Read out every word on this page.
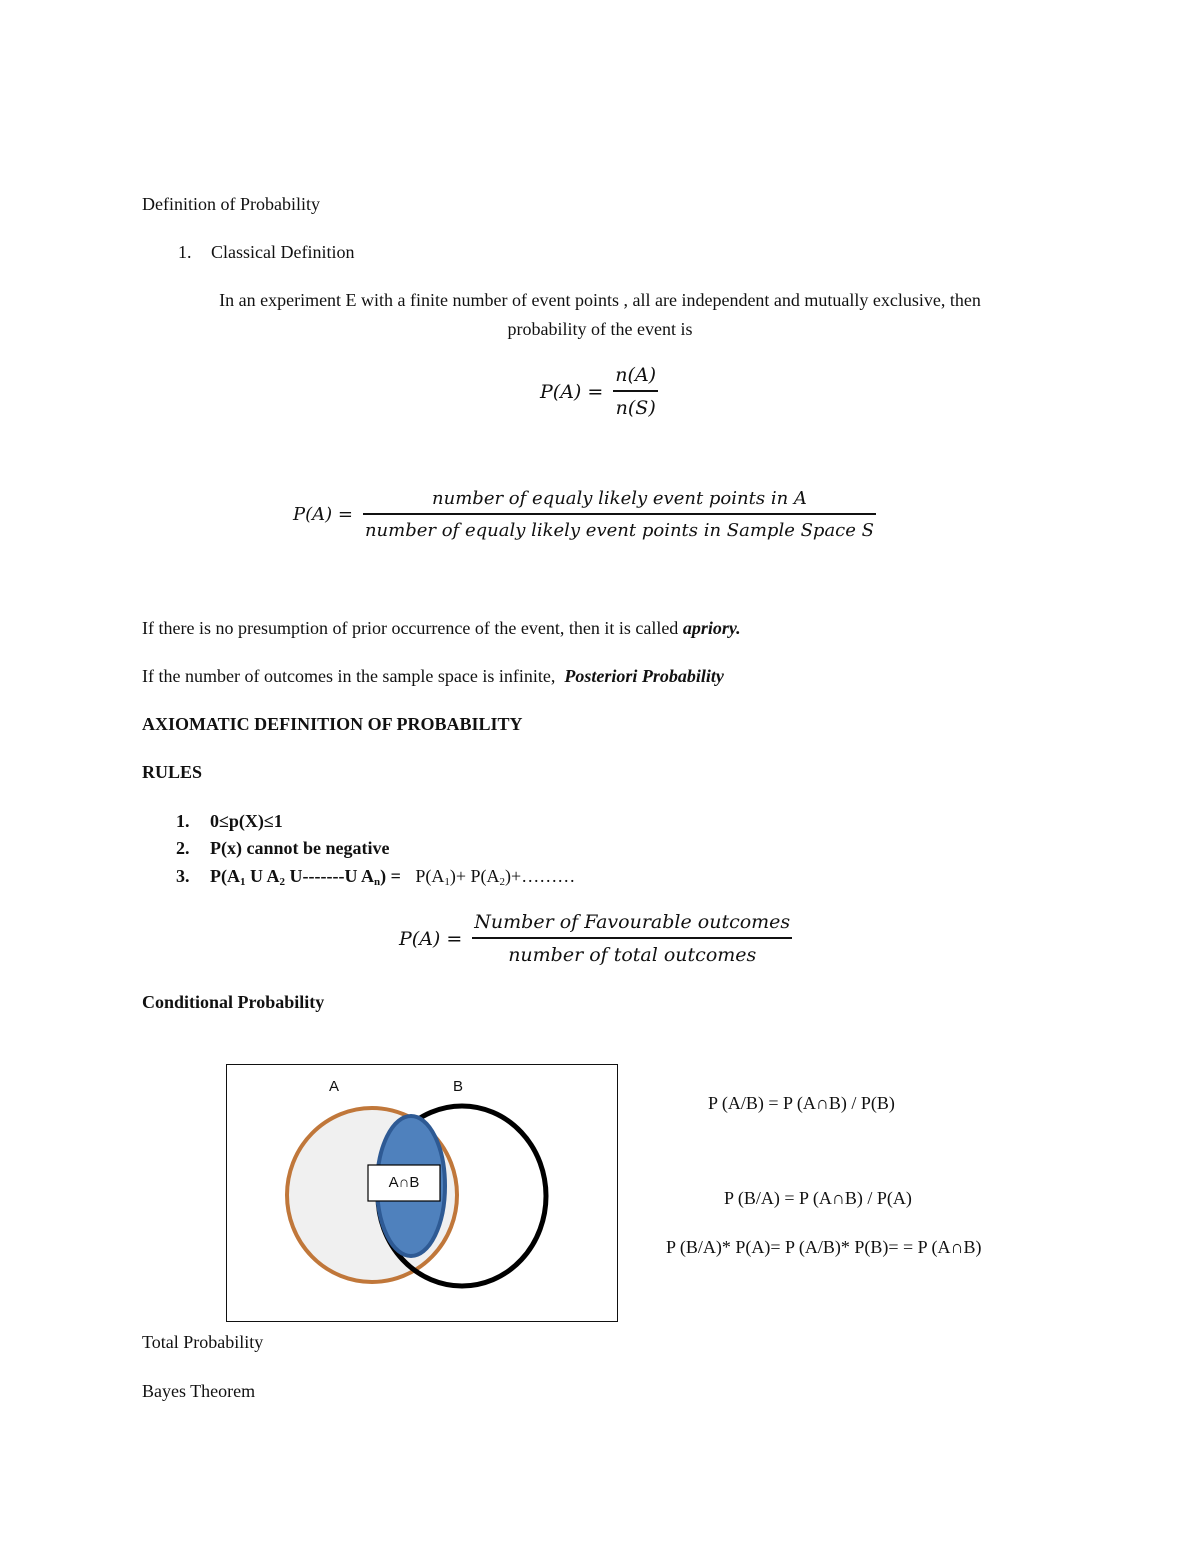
Definition of Probability
1. Classical Definition
In an experiment E with a finite number of event points , all are independent and mutually exclusive, then
probability of the event is
$P(A) = \frac{n(A)}{n(S)}$
$P(A) = \frac{\text{number of equaly likely event points in A}}{\text{number of equaly likely event points in Sample Space S}}$
If there is no presumption of prior occurrence of the event, then it is called apriory.
If the number of outcomes in the sample space is infinite,  Posteriori Probability
AXIOMATIC DEFINITION OF PROBABILITY
RULES
1. 0≤p(X)≤1
2. P(x) cannot be negative
3. $P(A_1$ U $A_2$ U-------U $A_n) = P(A_1)+$ $P(A_2)+\dots\dots\dots$
$P(A) = \frac{\text{Number of Favourable outcomes}}{\text{number of total outcomes}}$
Conditional Probability
A	B
A∩B
P (A/B) = P (A∩B) / P(B)
P (B/A) = P (A∩B) / P(A)
P (B/A)* P(A)= P (A/B)* P(B)= = P (A∩B)
Total Probability
Bayes Theorem
